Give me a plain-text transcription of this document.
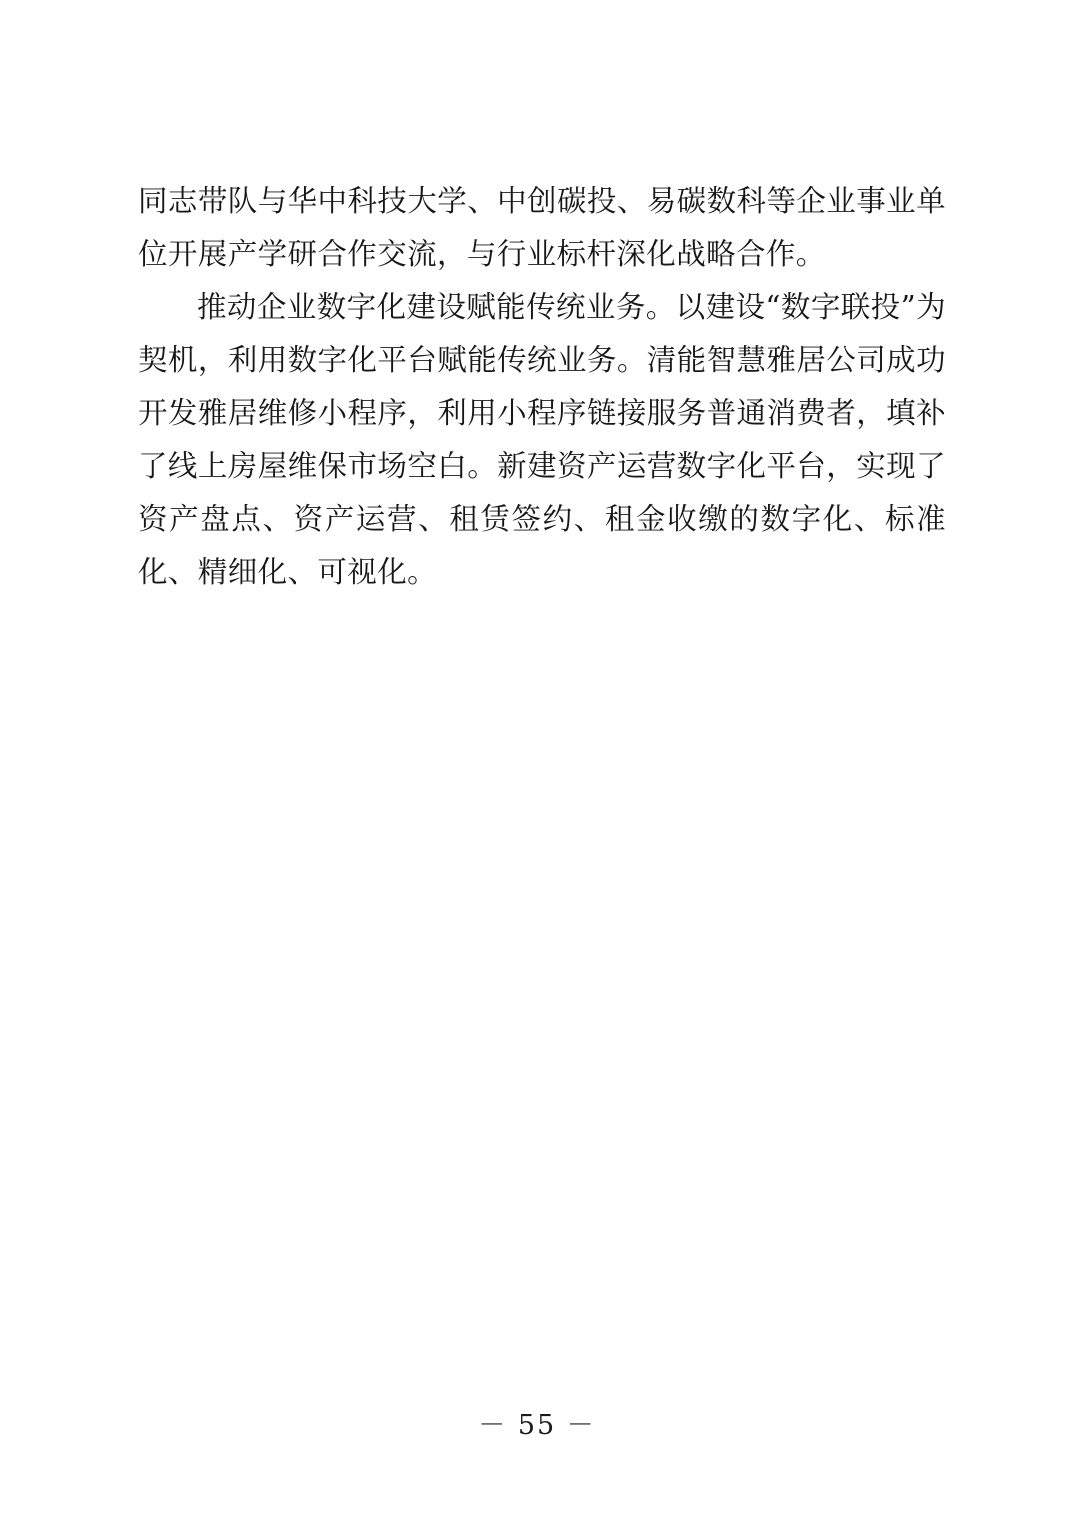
同志带队与华中科技大学、中创碳投、易碳数科等企业事业单位开展产学研合作交流，与行业标杆深化战略合作。

推动企业数字化建设赋能传统业务。以建设“数字联投”为契机，利用数字化平台赋能传统业务。清能智慧雅居公司成功开发雅居维修小程序，利用小程序链接服务普通消费者，填补了线上房屋维保市场空白。新建资产运营数字化平台，实现了资产盘点、资产运营、租赁签约、租金收缴的数字化、标准化、精细化、可视化。

－ 55 －
